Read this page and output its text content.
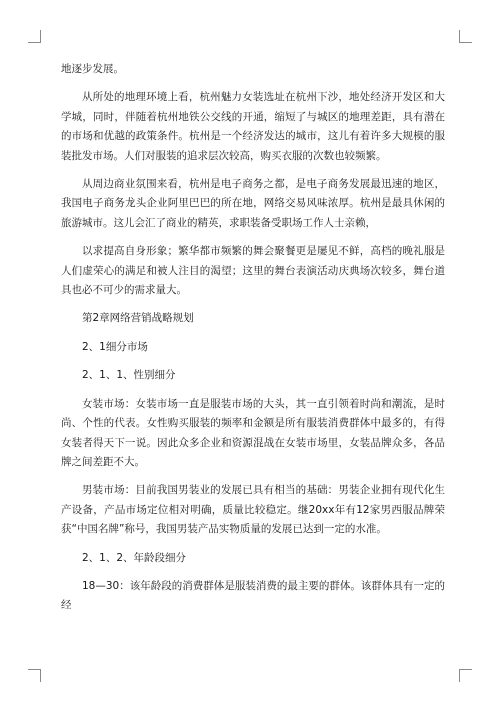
地逐步发展。

从所处的地理环境上看，杭州魅力女装选址在杭州下沙，地处经济开发区和大学城，同时，伴随着杭州地铁公交线的开通，缩短了与城区的地理差距，具有潜在的市场和优越的政策条件。杭州是一个经济发达的城市，这儿有着许多大规模的服装批发市场。人们对服装的追求层次较高，购买衣服的次数也较频繁。

从周边商业氛围来看，杭州是电子商务之都，是电子商务发展最迅速的地区，我国电子商务龙头企业阿里巴巴的所在地，网络交易风味浓厚。杭州是最具休闲的旅游城市。这儿会汇了商业的精英，求职装备受职场工作人士亲赖，

以求提高自身形象；繁华都市频繁的舞会聚餐更是屡见不鲜，高档的晚礼服是人们虚荣心的满足和被人注目的渴望；这里的舞台表演活动庆典场次较多，舞台道具也必不可少的需求量大。

第2章网络营销战略规划

2、1细分市场

2、1、1、性别细分

女装市场：女装市场一直是服装市场的大头，其一直引领着时尚和潮流，是时尚、个性的代表。女性购买服装的频率和金额是所有服装消费群体中最多的，有得女装者得天下一说。因此众多企业和资源混战在女装市场里，女装品牌众多，各品牌之间差距不大。

男装市场：目前我国男装业的发展已具有相当的基础：男装企业拥有现代化生产设备，产品市场定位相对明确，质量比较稳定。继20xx年有12家男西服品牌荣获“中国名牌”称号，我国男装产品实物质量的发展已达到一定的水准。

2、1、2、年龄段细分

18—30：该年龄段的消费群体是服装消费的最主要的群体。该群体具有一定的经
